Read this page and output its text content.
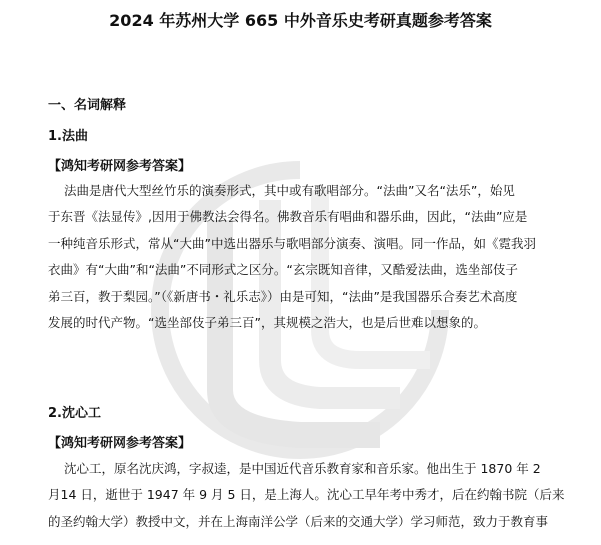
2024 年苏州大学 665 中外音乐史考研真题参考答案
一、名词解释
1.法曲
【鸿知考研网参考答案】
法曲是唐代大型丝竹乐的演奏形式，其中或有歌唱部分。“法曲”又名“法乐”，始见
于东晋《法显传》,因用于佛教法会得名。佛教音乐有唱曲和器乐曲，因此，“法曲”应是
一种纯音乐形式，常从“大曲”中选出器乐与歌唱部分演奏、演唱。同一作品，如《霓我羽
衣曲》有“大曲”和“法曲”不同形式之区分。“玄宗既知音律，又酷爱法曲，选坐部伎子
弟三百，教于梨园。”（《新唐书・礼乐志》）由是可知，“法曲”是我国器乐合奏艺术高度
发展的时代产物。“选坐部伎子弟三百”，其规模之浩大，也是后世难以想象的。
2.沈心工
【鸿知考研网参考答案】
沈心工，原名沈庆鸿，字叔逵，是中国近代音乐教育家和音乐家。他出生于 1870 年 2
月14 日，逝世于 1947 年 9 月 5 日，是上海人。沈心工早年考中秀才，后在约翰书院（后来
的圣约翰大学）教授中文，并在上海南洋公学（后来的交通大学）学习师范，致力于教育事
